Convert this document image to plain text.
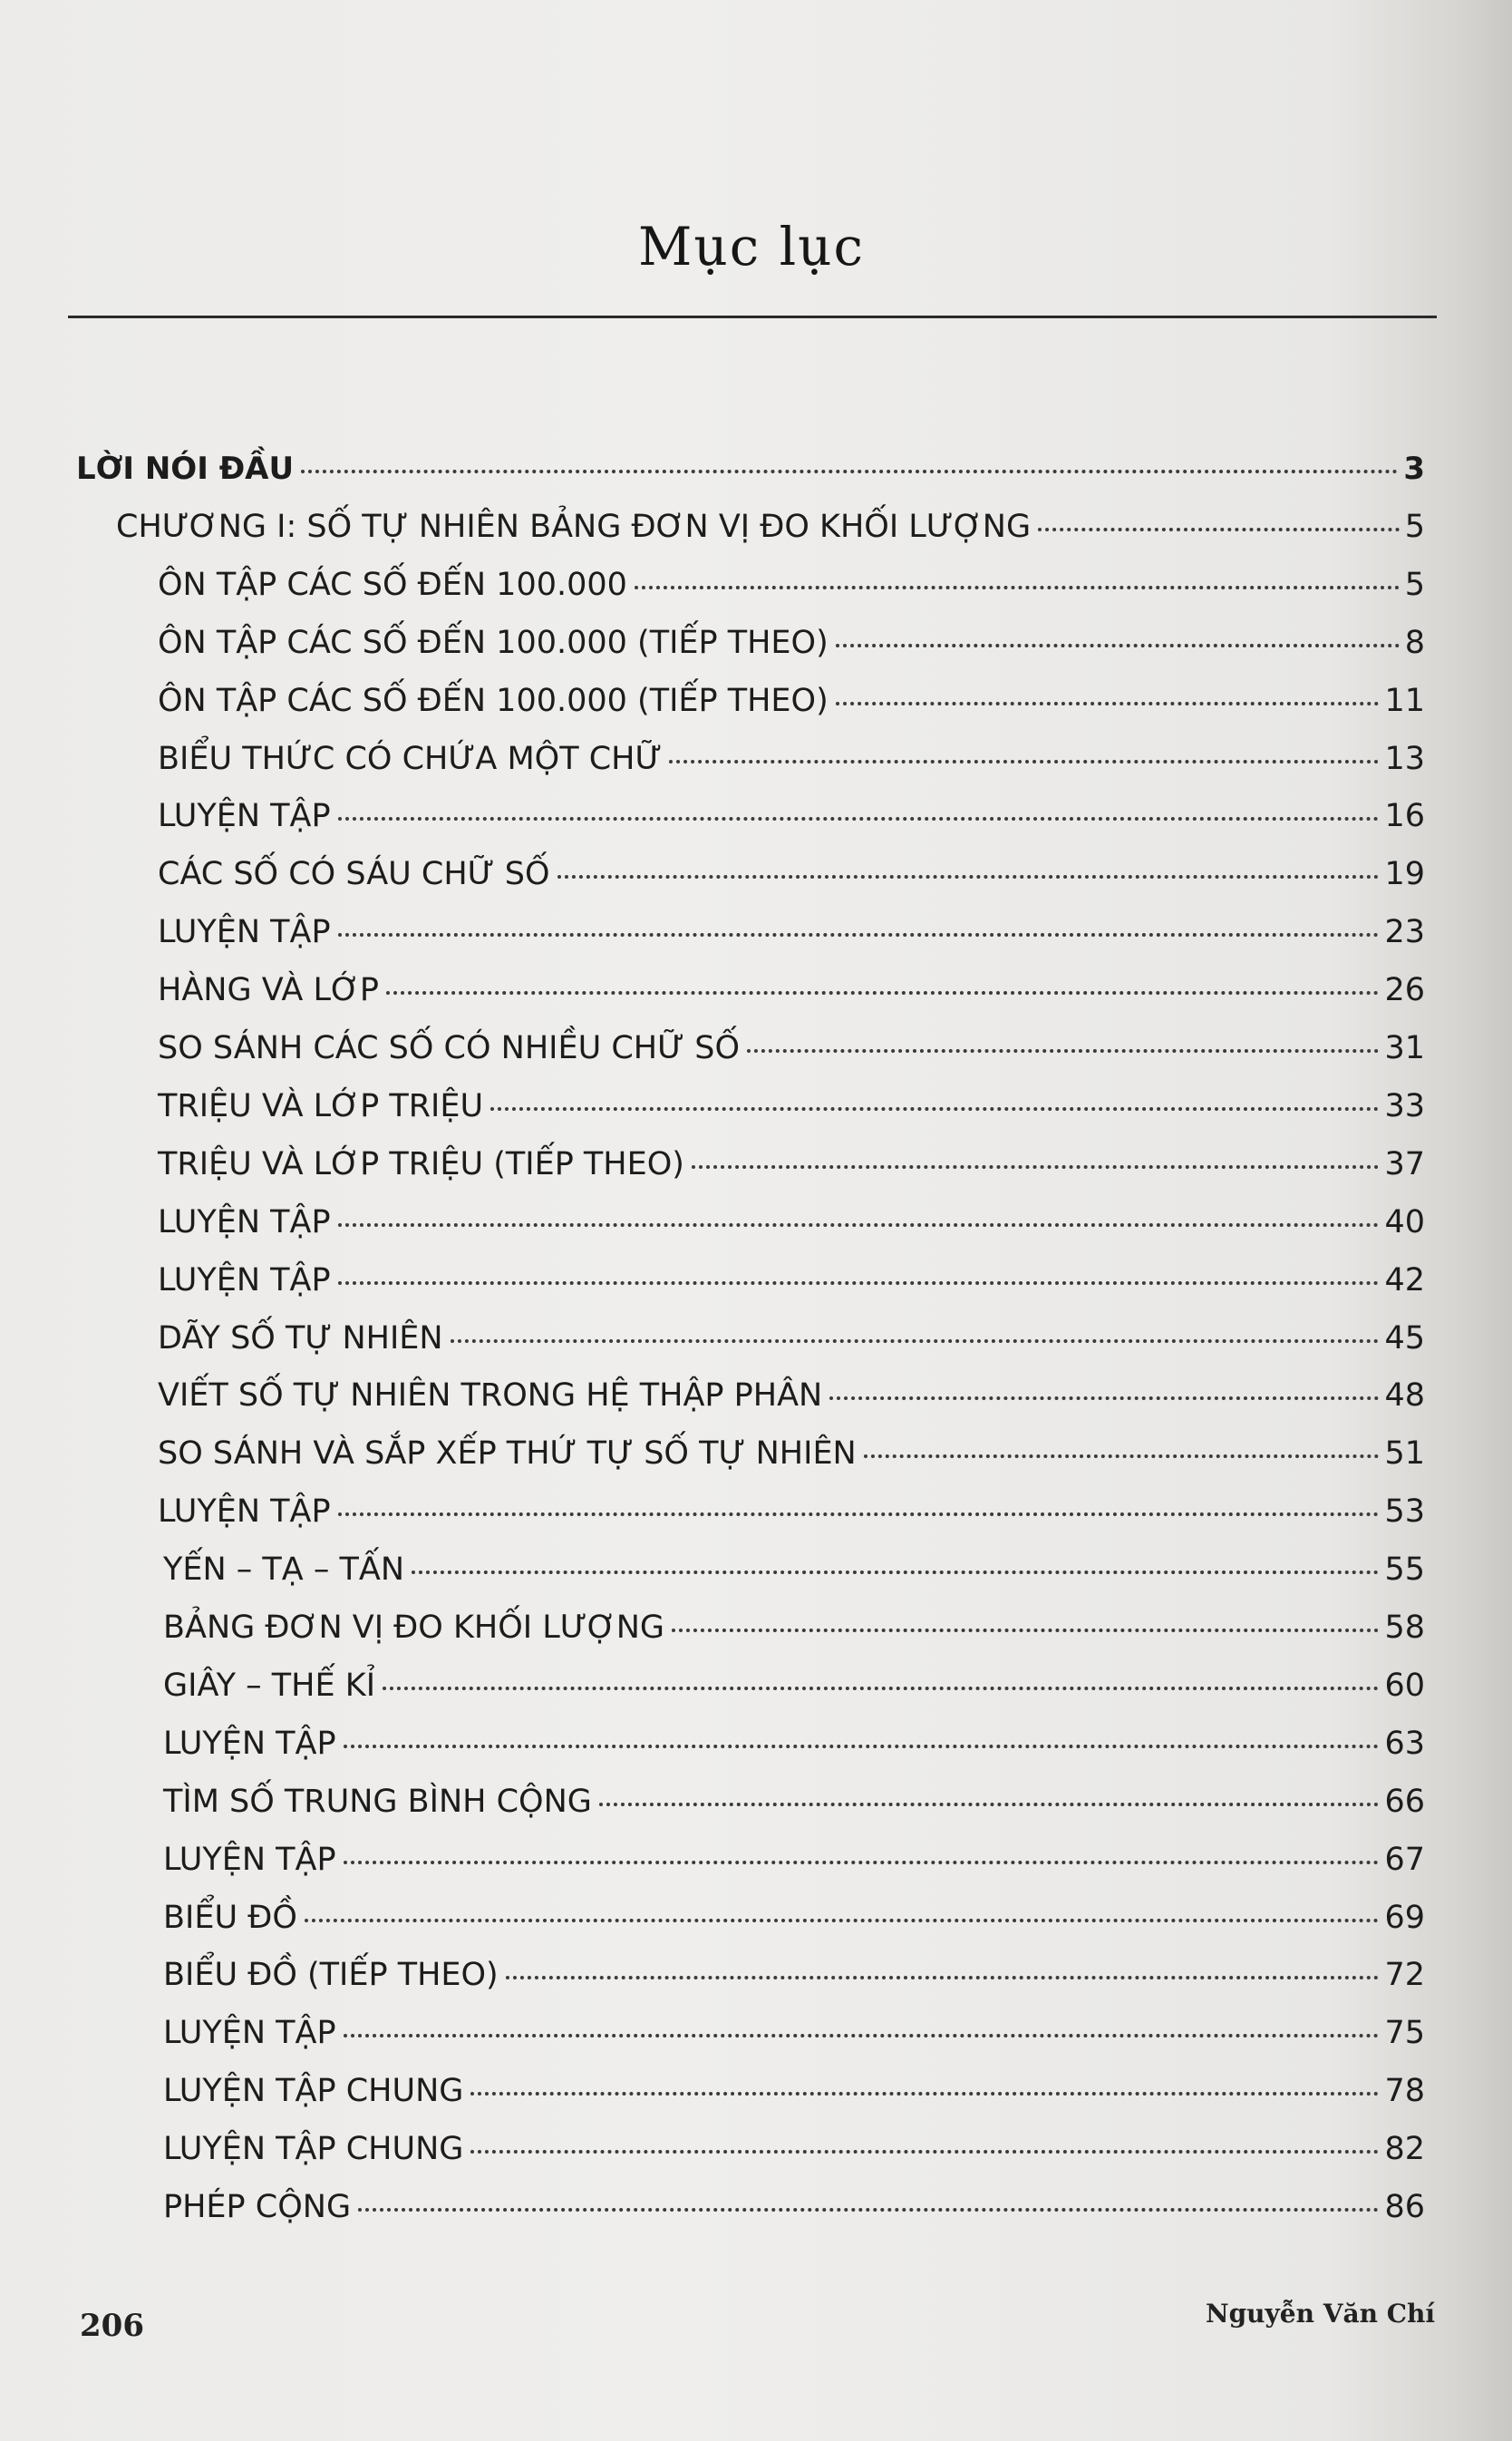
Mục lục
LỜI NÓI ĐẦU	3
CHƯƠNG I: SỐ TỰ NHIÊN BẢNG ĐƠN VỊ ĐO KHỐI LƯỢNG	5
ÔN TẬP CÁC SỐ ĐẾN 100.000	5
ÔN TẬP CÁC SỐ ĐẾN 100.000 (TIẾP THEO)	8
ÔN TẬP CÁC SỐ ĐẾN 100.000 (TIẾP THEO)	11
BIỂU THỨC CÓ CHỨA MỘT CHỮ	13
LUYỆN TẬP	16
CÁC SỐ CÓ SÁU CHỮ SỐ	19
LUYỆN TẬP	23
HÀNG VÀ LỚP	26
SO SÁNH CÁC SỐ CÓ NHIỀU CHỮ SỐ	31
TRIỆU VÀ LỚP TRIỆU	33
TRIỆU VÀ LỚP TRIỆU (TIẾP THEO)	37
LUYỆN TẬP	40
LUYỆN TẬP	42
DÃY SỐ TỰ NHIÊN	45
VIẾT SỐ TỰ NHIÊN TRONG HỆ THẬP PHÂN	48
SO SÁNH VÀ SẮP XẾP THỨ TỰ SỐ TỰ NHIÊN	51
LUYỆN TẬP	53
YẾN – TẠ – TẤN	55
BẢNG ĐƠN VỊ ĐO KHỐI LƯỢNG	58
GIÂY – THẾ KỈ	60
LUYỆN TẬP	63
TÌM SỐ TRUNG BÌNH CỘNG	66
LUYỆN TẬP	67
BIỂU ĐỒ	69
BIỂU ĐỒ (TIẾP THEO)	72
LUYỆN TẬP	75
LUYỆN TẬP CHUNG	78
LUYỆN TẬP CHUNG	82
PHÉP CỘNG	86
206	Nguyễn Văn Chí
